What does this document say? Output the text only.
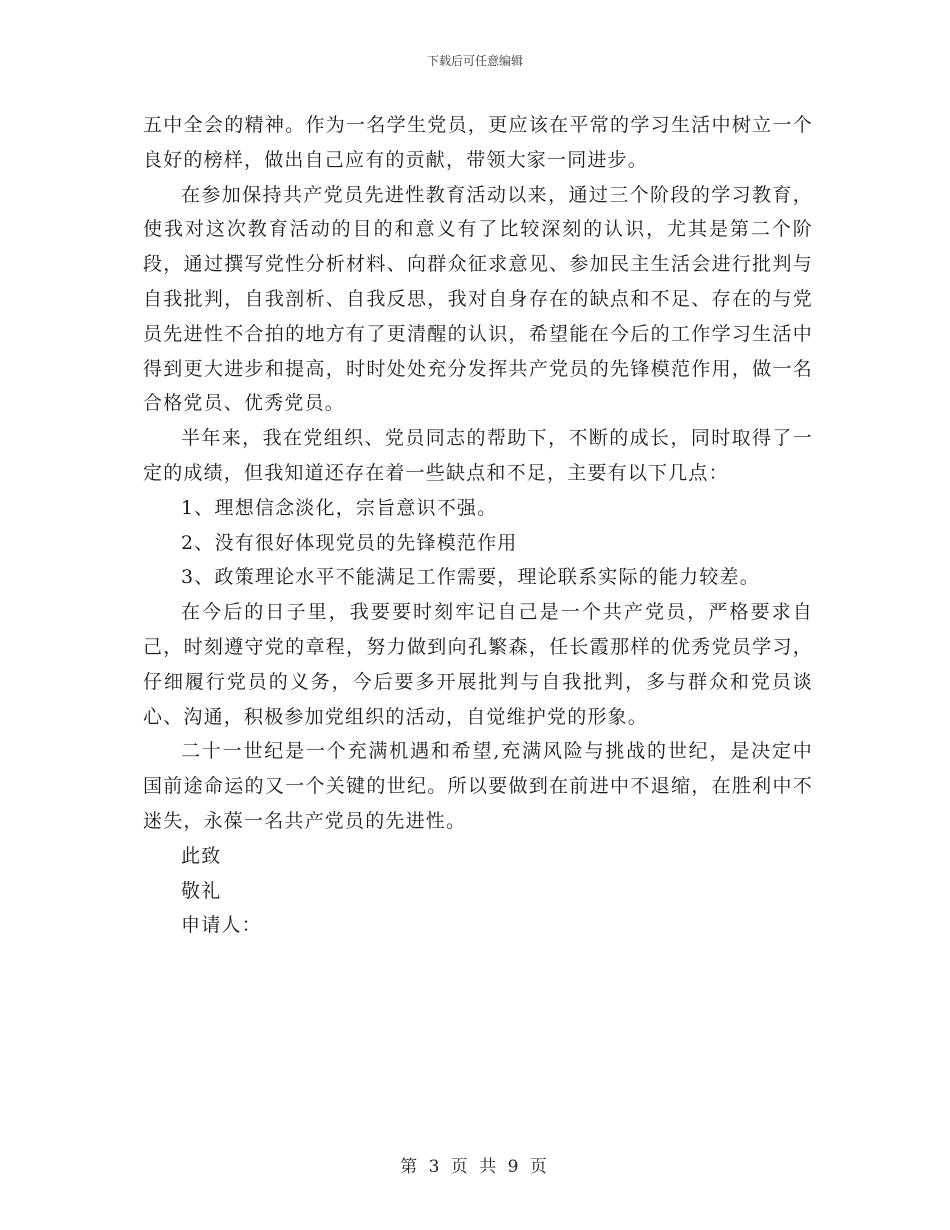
下载后可任意编辑

五中全会的精神。作为一名学生党员，更应该在平常的学习生活中树立一个良好的榜样，做出自己应有的贡献，带领大家一同进步。

在参加保持共产党员先进性教育活动以来，通过三个阶段的学习教育，使我对这次教育活动的目的和意义有了比较深刻的认识，尤其是第二个阶段，通过撰写党性分析材料、向群众征求意见、参加民主生活会进行批判与自我批判，自我剖析、自我反思，我对自身存在的缺点和不足、存在的与党员先进性不合拍的地方有了更清醒的认识，希望能在今后的工作学习生活中得到更大进步和提高，时时处处充分发挥共产党员的先锋模范作用，做一名合格党员、优秀党员。

半年来，我在党组织、党员同志的帮助下，不断的成长，同时取得了一定的成绩，但我知道还存在着一些缺点和不足，主要有以下几点：

1、理想信念淡化，宗旨意识不强。

2、没有很好体现党员的先锋模范作用

3、政策理论水平不能满足工作需要，理论联系实际的能力较差。

在今后的日子里，我要要时刻牢记自己是一个共产党员，严格要求自己，时刻遵守党的章程，努力做到向孔繁森，任长霞那样的优秀党员学习，仔细履行党员的义务，今后要多开展批判与自我批判，多与群众和党员谈心、沟通，积极参加党组织的活动，自觉维护党的形象。

二十一世纪是一个充满机遇和希望,充满风险与挑战的世纪，是决定中国前途命运的又一个关键的世纪。所以要做到在前进中不退缩，在胜利中不迷失，永葆一名共产党员的先进性。

此致

敬礼

申请人：

第 3 页 共 9 页
